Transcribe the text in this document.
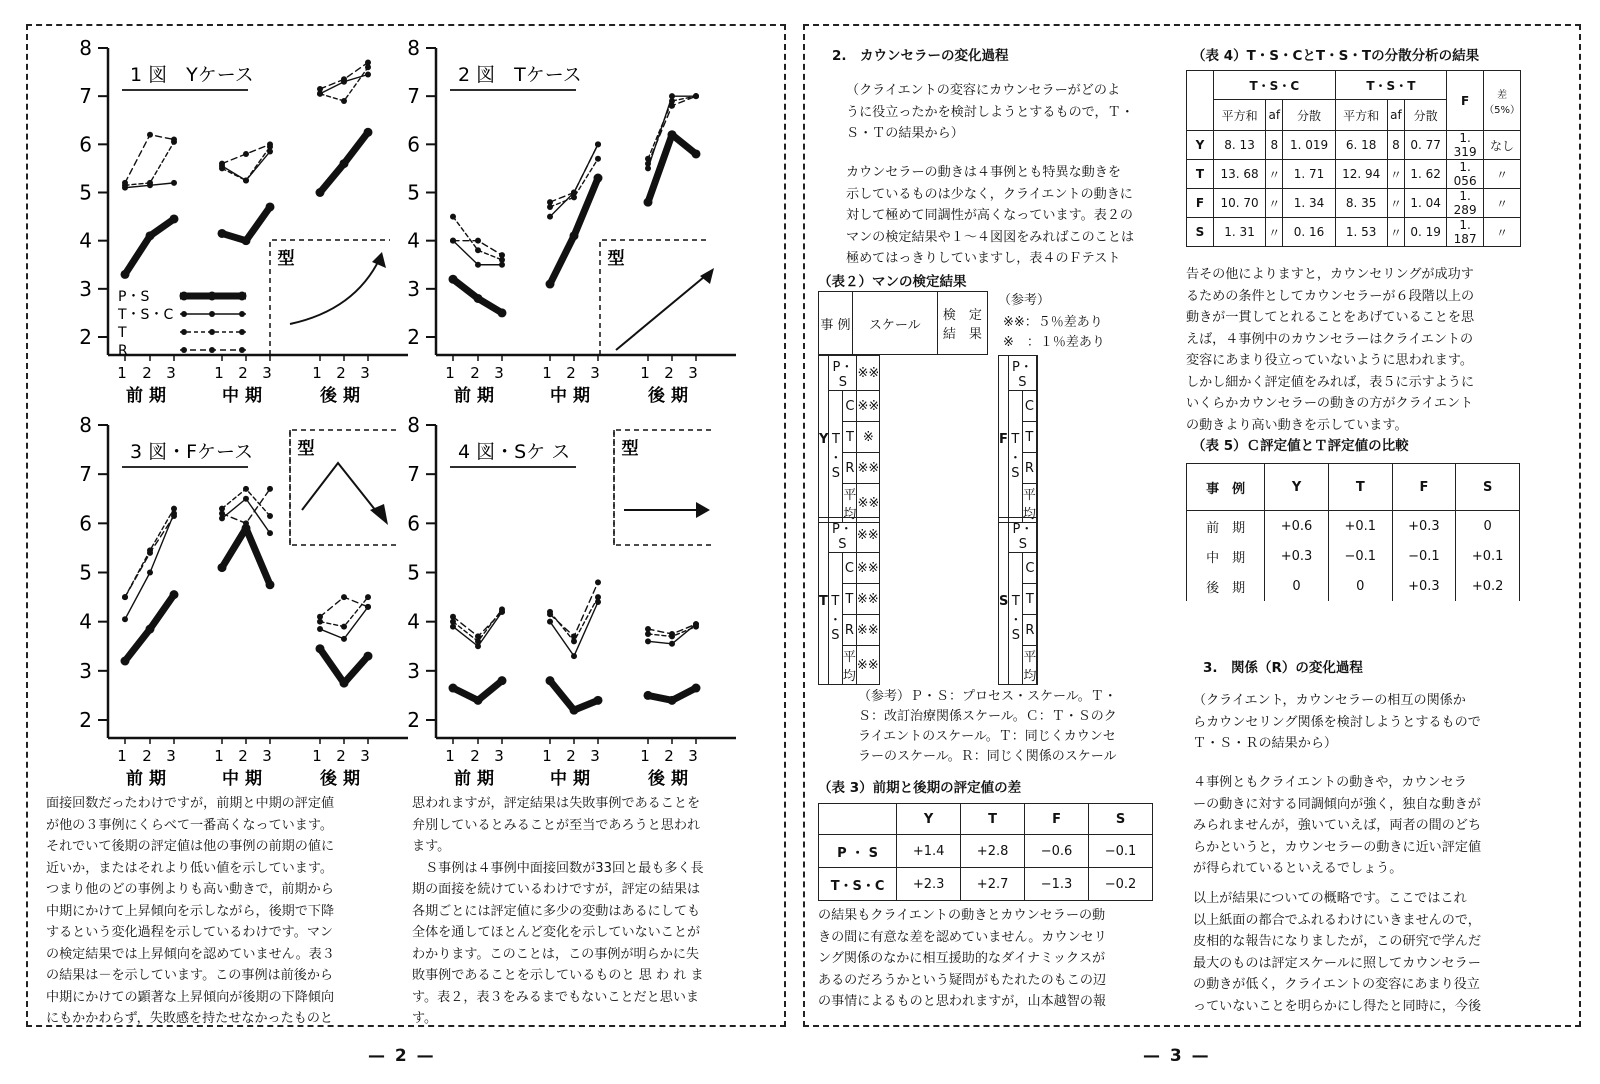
2
3
4
5
6
7
8
1 2 3	1 2 3	1 2 3
前 期	中 期	後 期
1 図　Yケース
型
P・S
T・S・C
T
R
2
3
4
5
6
7
8
1 2 3	1 2 3	1 2 3
前 期	中 期	後 期
2 図　Tケース
型
2
3
4
5
6
7
8
1 2 3	1 2 3	1 2 3
前 期	中 期	後 期
3 図・Fケース	型
2
3
4
5
6
7
8
1 2 3	1 2 3	1 2 3
前 期	中 期	後 期
4 図・Sケ ス	型
面接回数だったわけですが，前期と中期の評定値
が他の３事例にくらべて一番高くなっています。
それでいて後期の評定値は他の事例の前期の値に
近いか，またはそれより低い値を示しています。
つまり他のどの事例よりも高い動きで，前期から
中期にかけて上昇傾向を示しながら，後期で下降
するという変化過程を示しているわけです。マン
の検定結果では上昇傾向を認めていません。表３
の結果は－を示しています。この事例は前後から
中期にかけての顕著な上昇傾向が後期の下降傾向
にもかかわらず，失敗感を持たせなかったものと
思われますが，評定結果は失敗事例であることを
弁別しているとみることが至当であろうと思われ
ます。
　Ｓ事例は４事例中面接回数が33回と最も多く長
期の面接を続けているわけですが，評定の結果は
各期ごとには評定値に多少の変動はあるにしても
全体を通してほとんど変化を示していないことが
わかります。このことは，この事例が明らかに失
敗事例であることを示しているものと 思 わ れ ま
す。表２，表３をみるまでもないことだと思いま
す。
— 2 —	— 3 —
2.　カウンセラーの変化過程
（クライエントの変容にカウンセラーがどのよ
うに役立ったかを検討しようとするもので，Ｔ・
Ｓ・Ｔの結果から）
カウンセラーの動きは４事例とも特異な動きを
示しているものは少なく，クライエントの動きに
対して極めて同調性が高くなっています。表２の
マンの検定結果や１～４図図をみればこのことは
極めてはっきりしていますし，表４のＦテスト
（表２）マンの検定結果
事 例	スケール	検　定 結　果
Y	P・S		※※
	T ・ S	C	※※
		T	※
		R	※※
		平均	※※
F	P・S		
	T ・ S	C	
		T	
		R	
		平均	
T	P・S		※※
	T ・ S	C	※※
		T	※※
		R	※※
		平均	※※
S	P・S		
	T ・ S	C	
		T	
		R	
		平均	
（参考）
※※：５％差あり
※　：１％差あり
（参考）Ｐ・Ｓ：プロセス・スケール。Ｔ・
Ｓ：改訂治療関係スケール。Ｃ：Ｔ・Ｓのク
ライエントのスケール。Ｔ：同じくカウンセ
ラーのスケール。Ｒ：同じく関係のスケール
（表 3）前期と後期の評定値の差
	Y	T	F	S
P ・ S	+1.4	+2.8	−0.6	−0.1
T・S・C	+2.3	+2.7	−1.3	−0.2
の結果もクライエントの動きとカウンセラーの動
きの間に有意な差を認めていません。カウンセリ
ング関係のなかに相互援助的なダイナミックスが
あるのだろうかという疑問がもたれたのもこの辺
の事情によるものと思われますが，山本越智の報
（表 4）T・S・CとT・S・Tの分散分析の結果
	T・S・C			T・S・T			F	差（5%）
	平方和	af	分散	平方和	af	分散		
Y	8. 13	8	1. 019	6. 18	8	0. 77	1. 319	なし
T	13. 68	〃	1. 71	12. 94	〃	1. 62	1. 056	〃
F	10. 70	〃	1. 34	8. 35	〃	1. 04	1. 289	〃
S	1. 31	〃	0. 16	1. 53	〃	0. 19	1. 187	〃
告その他によりますと，カウンセリングが成功す
るための条件としてカウンセラーが６段階以上の
動きが一貫してとれることをあげていることを思
えば，４事例中のカウンセラーはクライエントの
変容にあまり役立っていないように思われます。
しかし細かく評定値をみれば，表５に示すように
いくらかカウンセラーの動きの方がクライエント
の動きより高い動きを示しています。
（表 5）Ｃ評定値とＴ評定値の比較
事　例	Y	T	F	S
前　期	+0.6	+0.1	+0.3	0
中　期	+0.3	−0.1	−0.1	+0.1
後　期	0	0	+0.3	+0.2
3.　関係（R）の変化過程
（クライエント，カウンセラーの相互の関係か
らカウンセリング関係を検討しようとするもので
Ｔ・Ｓ・Ｒの結果から）
４事例ともクライエントの動きや，カウンセラ
ーの動きに対する同調傾向が強く，独自な動きが
みられませんが，強いていえば，両者の間のどち
らかというと，カウンセラーの動きに近い評定値
が得られているといえるでしょう。
以上が結果についての概略です。ここではこれ
以上紙面の都合でふれるわけにいきませんので，
皮相的な報告になりましたが，この研究で学んだ
最大のものは評定スケールに照してカウンセラー
の動きが低く，クライエントの変容にあまり役立
っていないことを明らかにし得たと同時に，今後
